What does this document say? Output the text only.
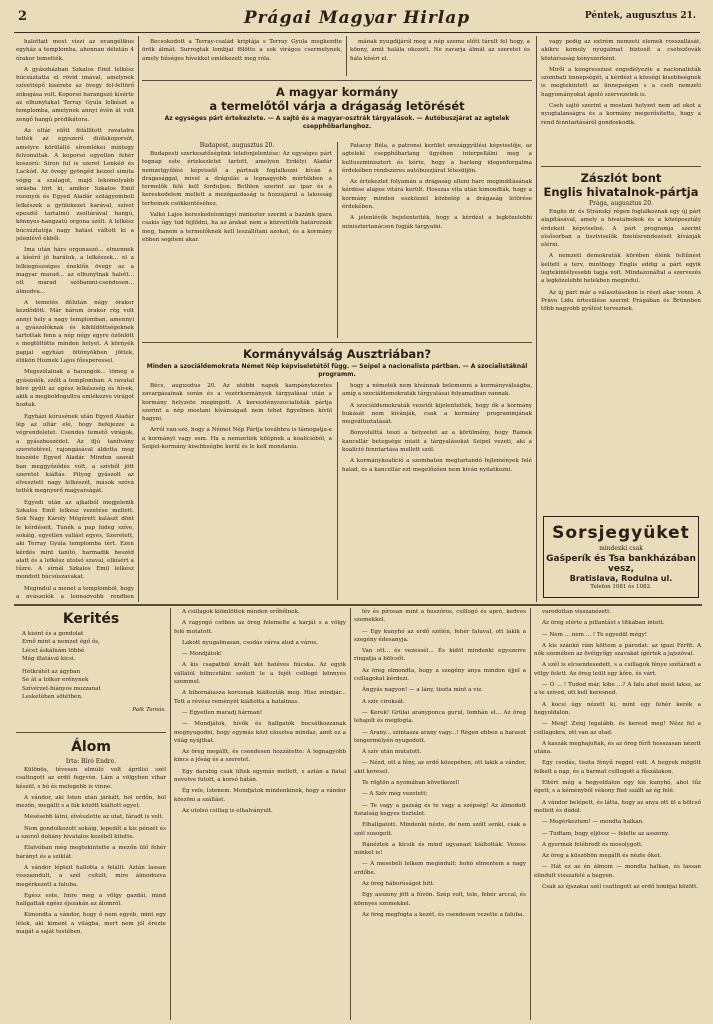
2	Prágai Magyar Hirlap	Péntek, augusztus 21.

halottait most viszi az evangélikus egyház a templomba, ahonnan délután 4 órakor temették.

A gyászházban Szkalos Emil lelkész búcsúztatta el rövid imával, amelynek szívettépő kisérete az övegy fel-feltörő zokogása volt. Koporsó harangszó kísérte az elhunytakat Terray Gyula lelkészt a templomba, amelynek annyi évén át volt zengő hangú prédikátora.

Az oltár előtt félállított ravatalra tették az egyszerű diófakoporsót, amelyre körülálló síremlékei mintegy felvonultak. A koporsó egyetlen fehér koszorú: Siron ful is szeret Lenkéd és Lackód. Az övegy gyöngéd kezzel simita végig a szalagot, majd lekomolyabb sírásba tört ki, amikor Szkalos Emil rozsnyói és Egyed Aladár szilágyomboli lelkészek a gyülekezet karával, szívet epesztő tartalmú zsoltárával hangú, könnyes-hangzatú orgona szólt. A lelkész búcsúztatója nagy hatást váltott ki a jelenlévő ékből.

Ima után hárs orgonaszó... elmennek a kísérő jó barátok, a lelkészek... el a lelkiegészséges éneklőn övegy az a magyar marad... az elhunytnak halott... ott marad szóbanmi-csendesen... álmodva...

A temetés délután négy órakor kezdődött. Már három órakor rég volt annyi hely a nagy templomban, amennyi a gyászolóknak és kiküldöttségeknek tartottak fenn a nép négy egyre özönlött s megtöltötte minden helyet. A környék papjai egyházi öltönyökben jöttek, élükön Hoznek Lajos főesperessel.

Megszólalnak a harangok... tömeg a gyászolók, szólt a templomban. A ravatal köré gyűlt az egész lelkészség és hívek, akik a megboldogultra emlékezve virágot hoztak.

Egyházi kórusének után Egyed Aladár lép az oltár elé, hogy befejezze a végrendeletet. Csendes temető virágok, a gyászbeszédet. Az ifjú tanítvány szeretetével, rajongásával áldotta meg beszéde Egyed Aladár. Minden szavát ban meggyőződés volt, a szívből jött szeretet kiáltás. Pityog gyászolt az elvesztett nagy lelkészét, mások szóvá tették megnyerő magyarságát.

Egyedi után az ajkaiból megjelenik Szkalos Emil lelkész vezetése mellett. Sok Nagy Károly Mégérett kalászt dönt le kérdéseit, Tunék a pap hideg szíve, sokáig, egyetlen vallást egyes, Szeretett, aki Terray Gyula templomba tért. Ezen kérdés mint tanító, harmadik beszéd alatt és a lelkész utolsó szavai, elkísért a tűzre. A sírnál Szkalos Emil lelkész mondott búcsúszavakat.

Megindul a menet a templomból, hogy a gyászolók a legnagyobb rendben

Becsokodott a Terray-család kriptája s Terray Gyula megkezdte örök álmát. Surrogtak lombjai fölötte a sok virágos csermelynek, amely hűséges hívekkel emlékezett meg róla.

mának nyugdíjáról meg a nép szeme előtt tárult fel hogy, a könny, amit halála okozott. Ne zavarja álmát az szeretet és hála kíséri el.

A magyar kormány
a termelőtől várja a drágaság letörését
Az egységes párt értekezlete. — A sajtó és a magyar-osztrák tárgyalások. — Autóbuszjárat az agtelek csepphőbarlanghoz.
Budapest, augusztus 20.

Budapesti szerkesztőségünk telefonjelentése: Az egységes párt tegnap este értekezletet tartott, amelyen Erdélyi Aladár nemzetgyűlési képviselő a pártnak foglalkozni kíván a drágasággal, mivel a drágulás a legnagyobb mértékben a termelők felé kell forduljon. Bethlen szerint az ipar és a kereskedelem mellett a mezőgazdaság is hozzájárul a lakosság terheinek csökkentéséhez.

Valkó Lajos kereskedelemügyi miniszter szerint a hazánk ipara csakis úgy tud fejlődni, ha az árakat nem a közvetítők határozzák meg, hanem a termelőknek kell leszállítani azokat, és a kormány ebben segíteni akar.

Patacsy Béla, a patronsi kerület országgyűlési képviselője, az agtelekí csepphőbarlang ügyében interpellálni meg a kultuszminisztert és kérte, hogy a barlang idegenforgalma érdekében rendszeres autóbuszjárat létesüljön.

Az értekezlet folyamán a drágaság elleni harc megindításának kérdése alapos vitára került. Hosszas vita után kimondták, hogy a kormány minden eszközzel közbelép a drágaság letörése érdekében.

A jelenlévők bejelentették, hogy a kérdést a legközelebbi minisztertanácson fogják tárgyalni.

Kormányválság Ausztriában?
Minden a szociáldemokrata Német Nép képviseletétől függ. — Seipel a nacionalista pártban. — A szocialistáknál programm.

Bécs, augusztus 20. Az utóbbi napok kampánykeretes zavargásainak során és a vezérkormányok tárgyalásai után a kormány helyzete megingott. A keresztényszocialisták pártja szerint a nép mostani kívánságait nem lehet figyelmen kívül hagyni.

Arról van szó, hogy a Német Nép Pártja továbbra is támogatja-e a kormányt vagy sem. Ha a nemzetiek kilépnek a koalícióból, a Seipel-kormány kisebbségbe kerül és le kell mondania.

hogy a németek nem kívánnak belemenni a kormányválságba, amíg a szociáldemokraták tárgyalásai folyamatban vannak.

A szociáldemokraták vezetői kijelentették, hogy ők a kormány bukását nem kívánják, csak a kormány programmjának megváltoztatását.

Bonyolulttá teszi a helyzetet az a körülmény, hogy Ramek kancellár betegsége miatt a tárgyalásokat Seipel vezeti, aki a koalíció fenntartása mellett szól.

A kormánykoalíció a szombaton megtartandó fejlemények felé halad, és a kancellár ezt megelőzően nem kíván nyilatkozni.

vagy pedig az extrém nemzeti elemek rosszallását, akikre komoly nyugalmat biztosít a csehszlovák köztársaság kényszerként.

Miről a kongresszusi engedélyezte a nacionalisták szombati ünnepségét, a kérdést a községi kisebbségnek is megtekintett az ünnepségen s a cseh nemzeti hagyományokat ápoló szervezetek is.

Cseh sajtó szerint a mostani helyzet nem ad okot a nyugtalanságra és a kormány megerősítette, hogy a rend fenntartásáról gondoskodik.

Zászlót bont
Englis hivatalnok-pártja
Prága, augusztus 20.

Englis dr. és Stránský régen foglalkoznak egy új párt alapításával, amely a hivatalnokok és a középosztály érdekeit képviselné. A párt programja szerint elsősorban a tisztviselők fizetésrendezését kívánják elérni.

A nemzeti demokraták körében élénk feltűnést keltett a terv, minthogy Englis eddig a párt egyik legtekintélyesebb tagja volt. Mindazonáltal a szervezés a legközelebbi hetekben megindul.

Az új párt már a választásokon is részt akar venni. A Právo Lidu értesülése szerint Prágában és Brünnben több nagyobb gyűlést terveznek.

Sorsjegyüket
mindenki csak
Gašperík és Tsa bankházában vesz,
Bratislava, Rodulna ul.
Telefon 1081 és 1082.
Kerités
A kisint és a gondolat
Ernő mint a nemzet égő ős,
Lécet áskálnám többé
Még illatával kicsi.
Hétkrátét az ágyban
Se át a tolkor erénynek
Szívérzet-hiányos mozzanat
Lesketében sötétben.
Palk Tamás.
Álom
Irta: Bíró Endre.

Különös, tévesen elmúló volt áprilisi szél csattogott az erdő fegyvén. Lám a völgyben vihar készül, s hó és melegebb is vinne.

A vándor, aki Isten után járkált, hol erdőn, hol mezőn, megállt s a fák között kiáltott egyet.

Mesésebb látni, elvészlette az utat, fáradt is volt.

Nem gondolkozott sokáig, lepedőt a kis pénzét és a szerző dohány hivatalos kezéből kitette.

Elalvóban még megtekintette a mezőn ülő fehér bárányt és a sziklát.

A vándor lépteit hallotta s felállt. Aztán lassan visszaindult, a szél csitult, mire álmodozva megérkezett a faluba.

Egész este, Imre meg a völgy gazdái, mind hallgattak egész éjszakán az álomról.

Kimondta a vándor, hogy ő nem egyéb, mint egy lélek, aki kiment a világba, mert nem jól érezte magát a saját testében.

A csillagok kiömlöttek minden erőbőlnek.

A ragyogó csöbon az öreg felemelte a karját s a völgy felé mutatott.

Lakott nyugalmasan, csodás várva alud a város.

— Mondjátok!

A kis csapatból kivált két hatéves fiúcska. Az egyik vállától bilincsfálni szólott le a fejét csillogó könnyes szemmel.

A bibornáiasza korosnak kiáltozták meg. Hisz mindjár... Tett a révész reményét kiáltotta a hatalmas.

— Egyetlen maradj hárman!

— Mondjátok, hívők és hallgatók bocsátkozzanak megnyugodni, hogy egymás közt elosztva mindaz, amit ez a világ nyújthat.

Az öreg megállt, és csendesen hozzátette: A legnagyobb kincs a jóság és a szeretet.

Egy darabig csak ültek egymás mellett, s aztán a fiatal nevetve futott, a korsó hátán.

Ég vele, Istenem. Mondjátok mindenkinek, hogy a vándor köszöni a szállást.

Az utolsó csillag is elhalványult.

lév és pírosan mint a huszóros, csillogó és apró, kedves szemekkel.

— Egy kunyhó az erdő szélén, fehér faluval, ott lakik a szegény édesanyja.

Van ott... és vezessél... És kidöl mindenki egyszerre ringatja a bölcsőt.

Az öreg elmondta, hogy a szegény anya minden éjjel a csillagokat kérdezi.

Ángyás nagyon! — a lány, tiszta mint a viz.

A szív ciroksát.

— Kerek! Grülai aranyponca gurul, lomhán el... Az öreg lehajolt és megfogta.

— Arany... szintasza arany vagy...! Régen ebben a haraszt tengermélyén nyugodott.

A szív után mutatott.

— Nézd, ott a fény, az erdő közepében, ott lakik a vándor, akit keresel.

Te rögtön a nyomában következel!

— A Szív még vezetett;

— Te vagy a gazság és te vagy a szépség! Az álmodott fiatalság kegyes tisztelet.

Elhallgatott. Mindenki nézte, de nem szólt senki, csak a szél susogott.

Ránéztek a kicsik és mind ugyanazt kiáltották: Vezess minket is!

— A mesebeli lelkem megindult: hohó elmentem a nagy erdőbe.

Az öreg háborúságot hitt.

Egy asszony jött a fűvön. Szép volt, tele, fehér arccal, és könnyes szemekkel.

Az öreg megfogta a kezét, és csendesen vezette a faluba.

varodottan visszanézett.

Az öreg elérte a pillantást s titkában intett.

— Nem ... nem ... ! Te egyedül mégy!

A kis szánkó rám köttem a párodat: az ígazi Férfit. A nők szemében az övéigyőgy szavakat ígértek a jajszóval.

A szél is elcsendesedett, s a csillagok fénye szétáradt a völgy felett. Az öreg leült egy kőre, és várt.

— Ó ... ! Tudod már, kibe ...? A falu ahol most laksz, az a te szíved, ott kell keresned.

A kocsi úgy nézett ki, mint egy fehér kerék a hegyoldalon.

— Menj! Zsinj legalább, és keresd meg! Nézz fel a csillagokra, ott van az utad.

A kaszák meghajoltak, és az öreg férfi hosszasan nézett utána.

Egy csodás, tiszta fényű reggel volt. A hegyek mögött felkelt a nap, és a harmat csillogott a fűszálakon.

Eltért még a hegyoldalon egy kis kunyhó, ahol tűz égett, s a kéményből vékony füst szállt az ég felé.

A vándor belépett, és látta, hogy az anya ott ül a bölcső mellett és dúdol.

— Megérkeztem! — mondta halkan.

— Tudtam, hogy eljössz — felelte az asszony.

A gyermek felébredt és mosolygott.

Az öreg a küszöbön megállt és nézte őket.

— Hát ez az én álmom — mondta halkan, és lassan elindult visszafelé a hegyen.

Csak az éjszakai szél csattogott az erdő lombjai között.
